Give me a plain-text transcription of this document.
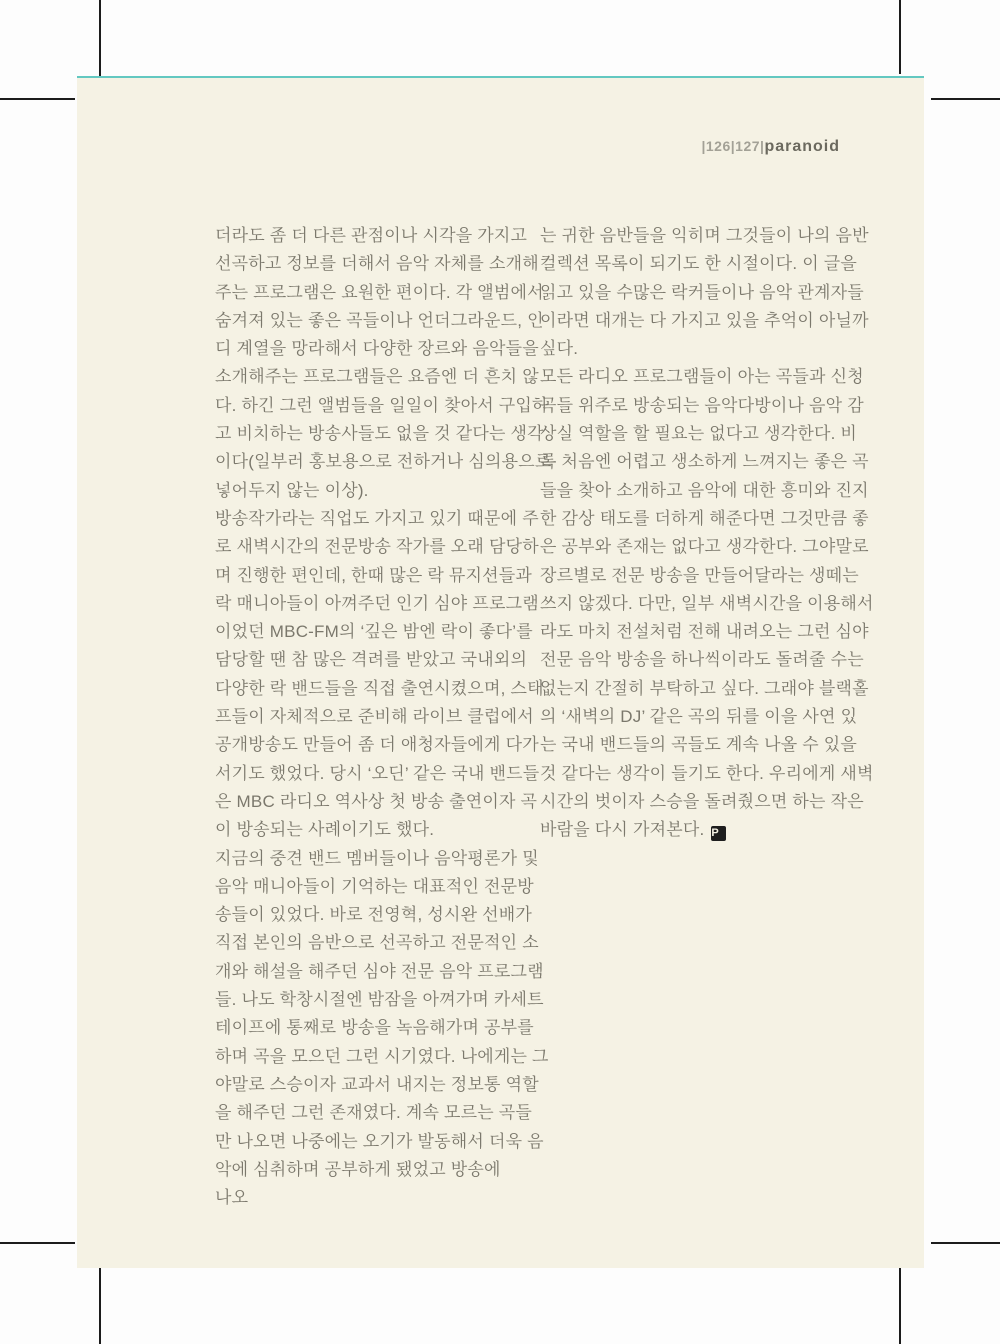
|126|127|paranoid
더라도 좀 더 다른 관점이나 시각을 가지고
선곡하고 정보를 더해서 음악 자체를 소개해
주는 프로그램은 요원한 편이다. 각 앨범에서
숨겨져 있는 좋은 곡들이나 언더그라운드, 인
디 계열을 망라해서 다양한 장르와 음악들을
소개해주는 프로그램들은 요즘엔 더 흔치 않
다. 하긴 그런 앨범들을 일일이 찾아서 구입하
고 비치하는 방송사들도 없을 것 같다는 생각
이다(일부러 홍보용으로 전하거나 심의용으로
넣어두지 않는 이상).
방송작가라는 직업도 가지고 있기 때문에 주
로 새벽시간의 전문방송 작가를 오래 담당하
며 진행한 편인데, 한때 많은 락 뮤지션들과
락 매니아들이 아껴주던 인기 심야 프로그램
이었던 MBC-FM의 ‘깊은 밤엔 락이 좋다’를
담당할 땐 참 많은 격려를 받았고 국내외의
다양한 락 밴드들을 직접 출연시켰으며, 스태
프들이 자체적으로 준비해 라이브 클럽에서
공개방송도 만들어 좀 더 애청자들에게 다가
서기도 했었다. 당시 ‘오딘’ 같은 국내 밴드들
은 MBC 라디오 역사상 첫 방송 출연이자 곡
이 방송되는 사례이기도 했다.
지금의 중견 밴드 멤버들이나 음악평론가 및
음악 매니아들이 기억하는 대표적인 전문방
송들이 있었다. 바로 전영혁, 성시완 선배가
직접 본인의 음반으로 선곡하고 전문적인 소
개와 해설을 해주던 심야 전문 음악 프로그램
들. 나도 학창시절엔 밤잠을 아껴가며 카세트
테이프에 통째로 방송을 녹음해가며 공부를
하며 곡을 모으던 그런 시기였다. 나에게는 그
야말로 스승이자 교과서 내지는 정보통 역할
을 해주던 그런 존재였다. 계속 모르는 곡들
만 나오면 나중에는 오기가 발동해서 더욱 음
악에 심취하며 공부하게 됐었고 방송에 나오
는 귀한 음반들을 익히며 그것들이 나의 음반
컬렉션 목록이 되기도 한 시절이다. 이 글을
읽고 있을 수많은 락커들이나 음악 관계자들
이라면 대개는 다 가지고 있을 추억이 아닐까
싶다.
모든 라디오 프로그램들이 아는 곡들과 신청
곡들 위주로 방송되는 음악다방이나 음악 감
상실 역할을 할 필요는 없다고 생각한다. 비
록 처음엔 어렵고 생소하게 느껴지는 좋은 곡
들을 찾아 소개하고 음악에 대한 흥미와 진지
한 감상 태도를 더하게 해준다면 그것만큼 좋
은 공부와 존재는 없다고 생각한다. 그야말로
장르별로 전문 방송을 만들어달라는 생떼는
쓰지 않겠다. 다만, 일부 새벽시간을 이용해서
라도 마치 전설처럼 전해 내려오는 그런 심야
전문 음악 방송을 하나씩이라도 돌려줄 수는
없는지 간절히 부탁하고 싶다. 그래야 블랙홀
의 ‘새벽의 DJ’ 같은 곡의 뒤를 이을 사연 있
는 국내 밴드들의 곡들도 계속 나올 수 있을
것 같다는 생각이 들기도 한다. 우리에게 새벽
시간의 벗이자 스승을 돌려줬으면 하는 작은
바람을 다시 가져본다. P
